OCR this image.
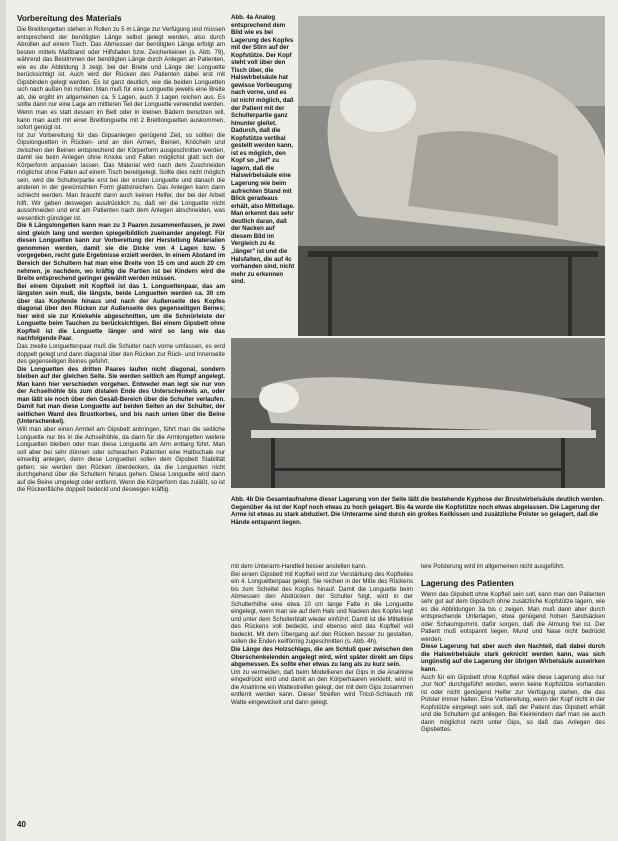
Vorbereitung des Materials

Die Breitlongetten stehen in Rollen zu 5 m Länge zur Verfügung und müssen entsprechend der benötigten Länge selbst gelegt werden, also durch Abrollen auf einem Tisch. Das Abmessen der benötigten Länge erfolgt am besten mittels Maßband oder Hilfsfaden bzw. Zeichenleinen (s. Abb. 79), während das Bestimmen der benötigten Länge durch Anlegen an Patienten, wie es die Abbildung 3 zeigt, bei der Breite und Länge der Longuette berücksichtigt ist. Auch wird der Rücken des Patienten dabei erst mit Gipsbinden gelegt werden. Es ist ganz deutlich, wie die beiden Longuetten sich nach außen hin richten. Man muß für eine Longuette jeweils eine Breite ab, die ergibt im allgemeinen ca. 5 Lagen, auch 3 Lagen reichen aus. Es sollte dann nur eine Lage am mittleren Teil der Longuette verwendet werden. Wenn man es statt dessen im Bett oder in kleinen Bädern benutzen will, kann man auch mit einer Breitlonguette mit 2 Breitlonguetten auskommen, sofort genügt ist.

Ist zur Vorbereitung für das Gipsanlegen genügend Zeit, so sollten die Gipslonguetten in Rücken- und an den Armen, Beinen, Knöcheln und zwischen den Beinen entsprechend der Körperform ausgeschnitten werden, damit sie beim Anlegen ohne Knicke und Falten möglichst glatt sich der Körperform anpassen lassen. Das Material wird nach dem Zuschneiden möglichst ohne Falten auf einem Tisch bereitgelegt. Sollte dies nicht möglich sein, wird die Schulterpartie erst bei der ersten Longuette und danach die anderen in der gewünschten Form glattstreichen. Das Anlegen kann dann schlecht werden. Man braucht dann auch keinen Helfer, der bei der Arbeit hilft. Wir geben deswegen ausdrücklich zu, daß wir die Longuette nicht ausschneiden und erst am Patienten nach dem Anlegen abschneiden, was wesentlich günstiger ist.

Die 6 Längslongetten kann man zu 3 Paaren zusammenfassen, je zwei sind gleich lang und werden spiegelbildlich zueinander angelegt. Für diesen Longuetten kann zur Vorbereitung der Herstellung Materialien genommen werden, damit sie die Dicke von 4 Lagen bzw. 5 vorgegeben, recht gute Ergebnisse erzielt werden. In einem Abstand im Bereich der Schultern hat man eine Breite von 15 cm und auch 20 cm nehmen, je nachdem, wo kräftig die Partien ist bei Kindern wird die Breite entsprechend geringer gewählt werden müssen.

Bei einem Gipsbett mit Kopfteil ist das 1. Longuettenpaar, das am längsten sein muß, die längste, beide Longuetten werden ca. 30 cm über das Kopfende hinaus und nach der Außenseite des Kopfes diagonal über den Rücken zur Außenseite des gegenseitigen Beines; hier wird sie zur Kniekehle abgeschnitten, um die Schnürleiste der Longuette beim Tauchen zu berücksichtigen. Bei einem Gipsbett ohne Kopfteil ist die Longuette länger und wird so lang wie das nachfolgende Paar.

Das zweite Longuettenpaar muß die Schulter nach vorne umfassen, es wird doppelt gelegt und dann diagonal über den Rücken zur Rück- und Innenseite des gegenseitigen Beines geführt.

Die Longuetten des dritten Paares laufen nicht diagonal, sondern bleiben auf der gleichen Seite. Sie werden seitlich am Rumpf angelegt. Man kann hier verschieden vorgehen. Entweder man legt sie nur von der Achselhöhle bis zum distalen Ende des Unterschenkels an, oder man läßt sie noch über den Gesäß-Bereich über die Schulter verlaufen. Damit hat man diese Longuette auf beiden Seiten an der Schulter, der seitlichen Wand des Brustkorbes, und bis nach unten über die Beine (Unterschenkel).

Will man aber einen Armteil am Gipsbett anbringen, führt man die seitliche Longuette nur bis in die Achselhöhle, da dann für die Armlongetten weitere Longuetten bleiben oder man diese Longuette am Arm entlang führt. Man soll aber bei sehr dünnen oder schwachen Patienten eine Halbschale nur einseitig anlegen, denn diese Longuetten sollen dem Gipsbett Stabilität geben; sie werden den Rücken überdecken, da die Longuetten nicht durchgehend über die Schultern hinaus gehen. Diese Longuette wird dann auf die Beine umgelegt oder entfernt. Wenn die Körperform das zuläßt, so ist die Rückenfläche doppelt bedeckt und deswegen kräftig.

Abb. 4a Analog entsprechend dem Bild wie es bei Lagerung des Kopfes mit der Stirn auf der Kopfstütze. Der Kopf steht voll über den Tisch über, die Halswirbelsäule hat gewisse Vorbeugung nach vorne, und es ist nicht möglich, daß der Patient mit der Schulterpartie ganz hinunter gleitet. Dadurch, daß die Kopfstütze vertikal gestellt werden kann, ist es möglich, den Kopf so „tief" zu lagern, daß die Halswirbelsäule eine Lagerung wie beim aufrechten Stand mit Blick geradeaus erhält, also Mittellage. Man erkennt das sehr deutlich daran, daß der Nacken auf diesem Bild im Vergleich zu 4c „länger" ist und die Halsfalten, die auf 4c vorhanden sind, nicht mehr zu erkennen sind.
Abb. 4b Die Gesamtaufnahme dieser Lagerung von der Seite läßt die bestehende Kyphose der Brustwirbelsäule deutlich werden. Gegenüber 4a ist der Kopf noch etwas zu hoch gelagert. Bis 4a wurde die Kopfstütze noch etwas abgelassen. Die Lagerung der Arme ist etwas zu stark abduziert. Die Unterarme sind durch ein großes Keilkissen und zusätzliche Polster so gelagert, daß die Hände entspannt liegen.

mit dem Unterarm-Handteil besser anstellen kann.

Bei einem Gipsbett mit Kopfteil wird zur Verstärkung des Kopfteiles ein 4. Longuettenpaar gelegt. Sie reichen in der Mitte des Rückens bis zum Scheitel des Kopfes hinauf. Damit die Longuette beim Abmessen den Abdrücken der Schulter folgt, wird in der Schulterhöhe eine etwa 10 cm lange Falte in die Longuette eingelegt, wenn man sie auf dem Hals und Nacken des Kopfes legt und unter dem Schulterblatt wieder einführt. Damit ist die Mittellinie des Rückens voll bedeckt, und ebenso wird das Kopfteil voll bedeckt. Mit dem Übergang auf den Rücken besser zu gestalten, sollen die Enden keilförmig zugeschnitten (s. Abb. 4h).

Die Länge des Holzschlags, die am Schluß quer zwischen den Oberschenkelenden angelegt wird, wird später direkt am Gips abgemessen. Es sollte eher etwas zu lang als zu kurz sein.

Um zu vermeiden, daß beim Modellieren der Gips in die Analrinne eingedrückt wird und damit an den Körperhaaren verklebt, wird in die Analrinne ein Wattestreifen gelegt, der mit dem Gips zusammen entfernt werden kann. Dieser Streifen wird Tricot-Schlauch mit Watte eingewickelt und dann gelegt.

tere Polsterung wird im allgemeinen nicht ausgeführt.

Lagerung des Patienten

Wenn das Gipsbett ohne Kopfteil sein soll, kann man den Patienten sehr gut auf dem Gipstisch ohne zusätzliche Kopfstütze lagern, wie es die Abbildungen 3a bis c zeigen. Man muß dann aber durch entsprechende Unterlagen, etwa genügend hohen Sandsäcken oder Schaumgummi, dafür sorgen, daß die Atmung frei ist. Der Patient muß entspannt liegen, Mund und Nase nicht bedrückt werden.

Diese Lagerung hat aber auch den Nachteil, daß dabei durch die Halswirbelsäule stark geknickt werden kann, was sich ungünstig auf die Lagerung der übrigen Wirbelsäule auswirken kann.

Auch für ein Gipsbett ohne Kopfteil wäre diese Lagerung also nur „zur Not" durchgeführt worden, wenn keine Kopfstütze vorhanden ist oder nicht genügend Helfer zur Verfügung stehen, die das Polster immer halten. Eine Vorbereitung, wenn der Kopf nicht in der Kopfstütze eingelegt sein soll, daß der Patient das Gipsbett erhält und die Schultern gut anliegen. Bei Kleinkindern darf man sie auch dann möglichst nicht unter Gips, so daß das Anlegen des Gipsbettes.

40
